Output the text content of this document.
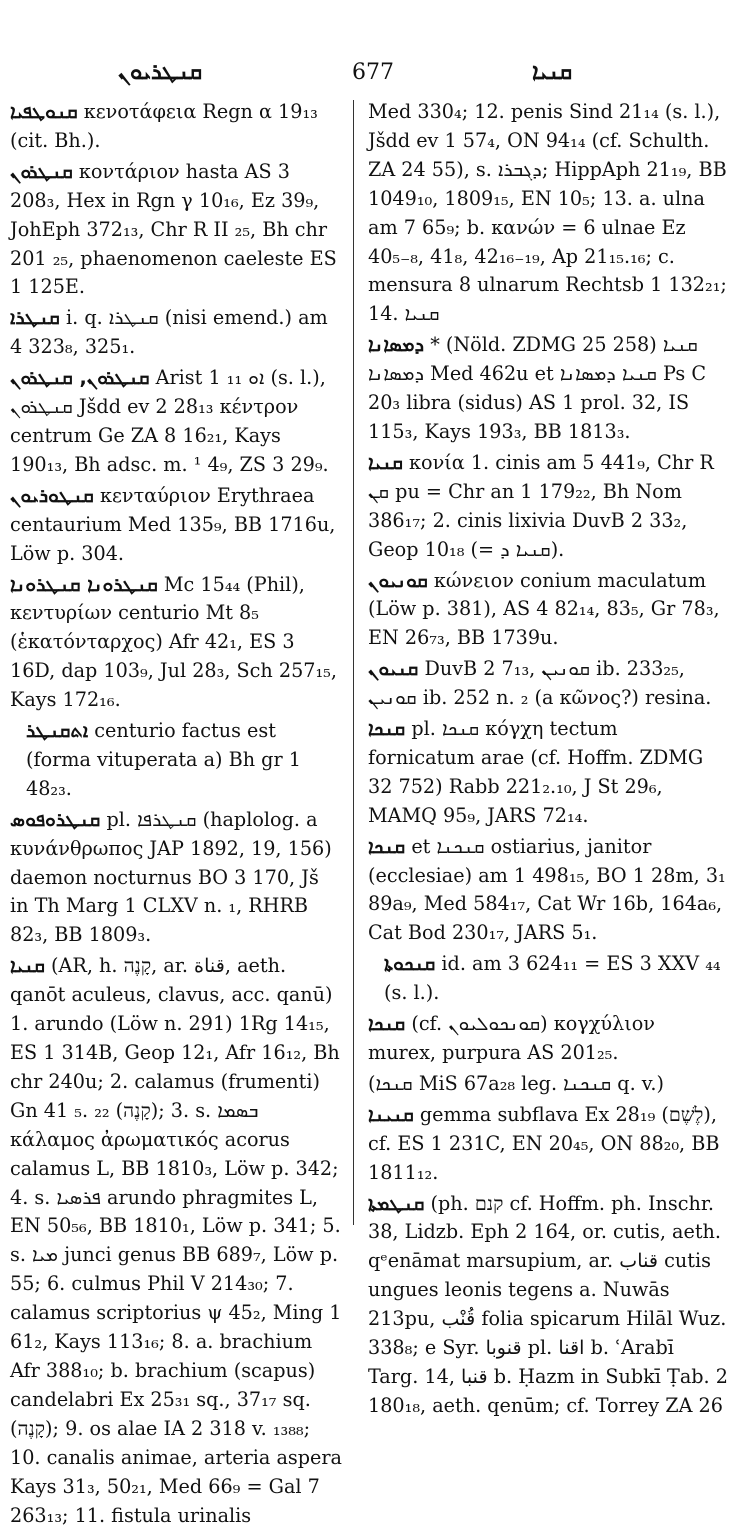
ܩܢܛܪܝܘܢ	677	ܩܢܝܐ
ܩܢܘܛܦܝܐ κενοτάφεια Regn α 19₁₃ (cit. Bh.).
ܩܢܛܪܘܢ κοντάριον hasta AS 3 208₃, Hex in Rgn γ 10₁₆, Ez 39₉, JohEph 372₁₃, Chr R II ₂₅, Bh chr 201 ₂₅, phaenomenon caeleste ES 1 125E.
ܩܢܛܪܐ i. q. ܩܢܛܪܐ (nisi emend.) am 4 323₈, 325₁.
ܩܢܛܪܘܢ, ܩܢܛܪܘܢ Arist 1 ܐܘ ₁₁ (s. l.), ܩܢܛܪܘܢ Jšdd ev 2 28₁₃ κέντρον centrum Ge ZA 8 16₂₁, Kays 190₁₃, Bh adsc. m. ¹ 4₉, ZS 3 29₉.
ܩܢܛܘܪܝܘܢ κενταύριον Erythraea centaurium Med 135₉, BB 1716u, Löw p. 304.
ܩܢܛܪܘܢܐ ܩܢܛܪܘܢܐ Mc 15₄₄ (Phil), κεντυρίων centurio Mt 8₅ (ἑκατόνταρχος) Afr 42₁, ES 3 16D, dap 103₉, Jul 28₃, Sch 257₁₅, Kays 172₁₆.
ܐܬܩܢܛܪ centurio factus est (forma vituperata a) Bh gr 1 48₂₃.
ܩܢܛܪܘܦܘܣ pl. ܩܢܛܪܦܐ (haplolog. a κυνάνθρωπος JAP 1892, 19, 156) daemon nocturnus BO 3 170, Jš in Th Marg 1 CLXV n. ₁, RHRB 82₃, BB 1809₃.
ܩܢܝܐ (AR, h. קָנֶה, ar. قناة, aeth. qanōt aculeus, clavus, acc. qanū) 1. arundo (Löw n. 291) 1Rg 14₁₅, ES 1 314B, Geop 12₁, Afr 16₁₂, Bh chr 240u; 2. calamus (frumenti) Gn 41 ₅. ₂₂ (קָנֶה); 3. s. ܒܣܡܐ κάλαμος ἀρωματικός acorus calamus L, BB 1810₃, Löw p. 342; 4. s. ܦܪܣܝܐ arundo phragmites L, EN 50₅₆, BB 1810₁, Löw p. 341; 5. s. ܡܝܐ junci genus BB 689₇, Löw p. 55; 6. culmus Phil V 214₃₀; 7. calamus scriptorius ψ 45₂, Ming 1 61₂, Kays 113₁₆; 8. a. brachium Afr 388₁₀; b. brachium (scapus) candelabri Ex 25₃₁ sq., 37₁₇ sq. (קָנֶה); 9. os alae IA 2 318 v. ₁₃₈₈; 10. canalis animae, arteria aspera Kays 31₃, 50₂₁, Med 66₉ = Gal 7 263₁₃; 11. fistula urinalis
Med 330₄; 12. penis Sind 21₁₄ (s. l.), Jšdd ev 1 57₄, ON 94₁₄ (cf. Schulth. ZA 24 55), s. ܕܓܒܪܐ; HippAph 21₁₉, BB 1049₁₀, 1809₁₅, EN 10₅; 13. a. ulna am 7 65₉; b. κανών = 6 ulnae Ez 40₅₋₈, 41₈, 42₁₆₋₁₉, Ap 21₁₅.₁₆; c. mensura 8 ulnarum Rechtsb 1 132₂₁; 14. ܩܢܝܐ
ܕܡܣܐܢܐ * (Nöld. ZDMG 25 258) ܩܢܝܐ ܕܡܣܐܢܐ Med 462u et ܩܢܝܐ ܕܡܣܐܢܐ Ps C 20₃ libra (sidus) AS 1 prol. 32, IS 115₃, Kays 193₃, BB 1813₃.
ܩܢܝܐ κονία 1. cinis am 5 441₉, Chr R ܩܢ pu = Chr an 1 179₂₂, Bh Nom 386₁₇; 2. cinis lixivia DuvB 2 33₂, Geop 10₁₈ (= ܩܢܝܐ ܕ).
ܩܘܢܝܘܢ κώνειον conium maculatum (Löw p. 381), AS 4 82₁₄, 83₅, Gr 78₃, EN 26₇₃, BB 1739u.
ܩܢܝܘܢ DuvB 2 7₁₃, ܩܘܢܝܢ ib. 233₂₅, ܩܘܢܝܢ ib. 252 n. ₂ (a κῶνος?) resina.
ܩܢܟܐ pl. ܩܢܟܐ κόγχη tectum fornicatum arae (cf. Hoffm. ZDMG 32 752) Rabb 221₂.₁₀, J St 29₆, MAMQ 95₉, JARS 72₁₄.
ܩܢܟܐ et ܩܢܟܢܐ ostiarius, janitor (ecclesiae) am 1 498₁₅, BO 1 28m, 3₁ 89a₉, Med 584₁₇, Cat Wr 16b, 164a₆, Cat Bod 230₁₇, JARS 5₁.
ܩܢܟܘܬܐ id. am 3 624₁₁ = ES 3 XXV ₄₄ (s. l.).
ܩܢܟܐ (cf. ܩܘܢܟܘܠܝܘܢ) κογχύλιον murex, purpura AS 201₂₅.
(ܩܢܟܐ MiS 67a₂₈ leg. ܩܢܟܢܐ q. v.)
ܩܢܝܢܐ gemma subflava Ex 28₁₉ (לֶשֶׁם), cf. ES 1 231C, EN 20₄₅, ON 88₂₀, BB 1811₁₂.
ܩܢܛܡܬܐ (ph. קנם cf. Hoffm. ph. Inschr. 38, Lidzb. Eph 2 164, or. cutis, aeth. qᵉenāmat marsupium, ar. قناب cutis ungues leonis tegens a. Nuwās 213pu, قُنْب folia spicarum Hilāl Wuz. 338₈; e Syr. قنوبا pl. اقنا b. ʿArabī Targ. 14, قنبا b. Ḥazm in Subkī Ṭab. 2 180₁₈, aeth. qenūm; cf. Torrey ZA 26
